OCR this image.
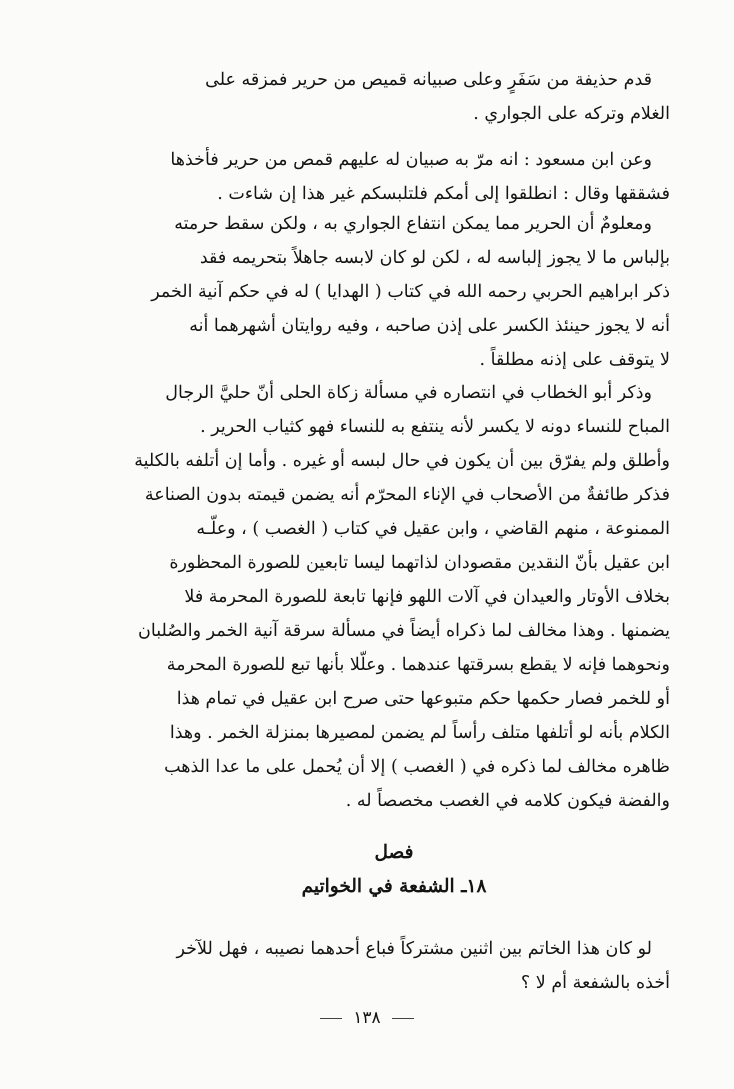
قدم حذيفة من سَفَرٍ وعلى صبيانه قميص من حرير فمزقه على
الغلام وتركه على الجواري .

وعن ابن مسعود : انه مرّ به صبيان له عليهم قمص من حرير فأخذها
فشققها وقال : انطلقوا إلى أمكم فلتلبسكم غير هذا إن شاءت .

ومعلومٌ أن الحرير مما يمكن انتفاع الجواري به ، ولكن سقط حرمته
بإلباس ما لا يجوز إلباسه له ، لكن لو كان لابسه جاهلاً بتحريمه فقد
ذكر ابراهيم الحربي رحمه الله في كتاب ( الهدايا ) له في حكم آنية الخمر
أنه لا يجوز حينئذ الكسر على إذن صاحبه ، وفيه روايتان أشهرهما أنه
لا يتوقف على إذنه مطلقاً .

وذكر أبو الخطاب في انتصاره في مسألة زكاة الحلى أنّ حليَّ الرجال
المباح للنساء دونه لا يكسر لأنه ينتفع به للنساء فهو كثياب الحرير .
وأطلق ولم يفرّق بين أن يكون في حال لبسه أو غيره . وأما إن أتلفه بالكلية
فذكر طائفةٌ من الأصحاب في الإناء المحرّم أنه يضمن قيمته بدون الصناعة
الممنوعة ، منهم القاضي ، وابن عقيل في كتاب ( الغصب ) ، وعلّـه
ابن عقيل بأنّ النقدين مقصودان لذاتهما ليسا تابعين للصورة المحظورة
بخلاف الأوتار والعيدان في آلات اللهو فإنها تابعة للصورة المحرمة فلا
يضمنها . وهذا مخالف لما ذكراه أيضاً في مسألة سرقة آنية الخمر والصُلبان
ونحوهما فإنه لا يقطع بسرقتها عندهما . وعلّلا بأنها تبع للصورة المحرمة
أو للخمر فصار حكمها حكم متبوعها حتى صرح ابن عقيل في تمام هذا
الكلام بأنه لو أتلفها متلف رأساً لم يضمن لمصيرها بمنزلة الخمر . وهذا
ظاهره مخالف لما ذكره في ( الغصب ) إلا أن يُحمل على ما عدا الذهب
والفضة فيكون كلامه في الغصب مخصصاً له .

فصل
١٨ـ الشفعة في الخواتيم

لو كان هذا الخاتم بين اثنين مشتركاً فباع أحدهما نصيبه ، فهل للآخر
أخذه بالشفعة أم لا ؟

١٣٨
